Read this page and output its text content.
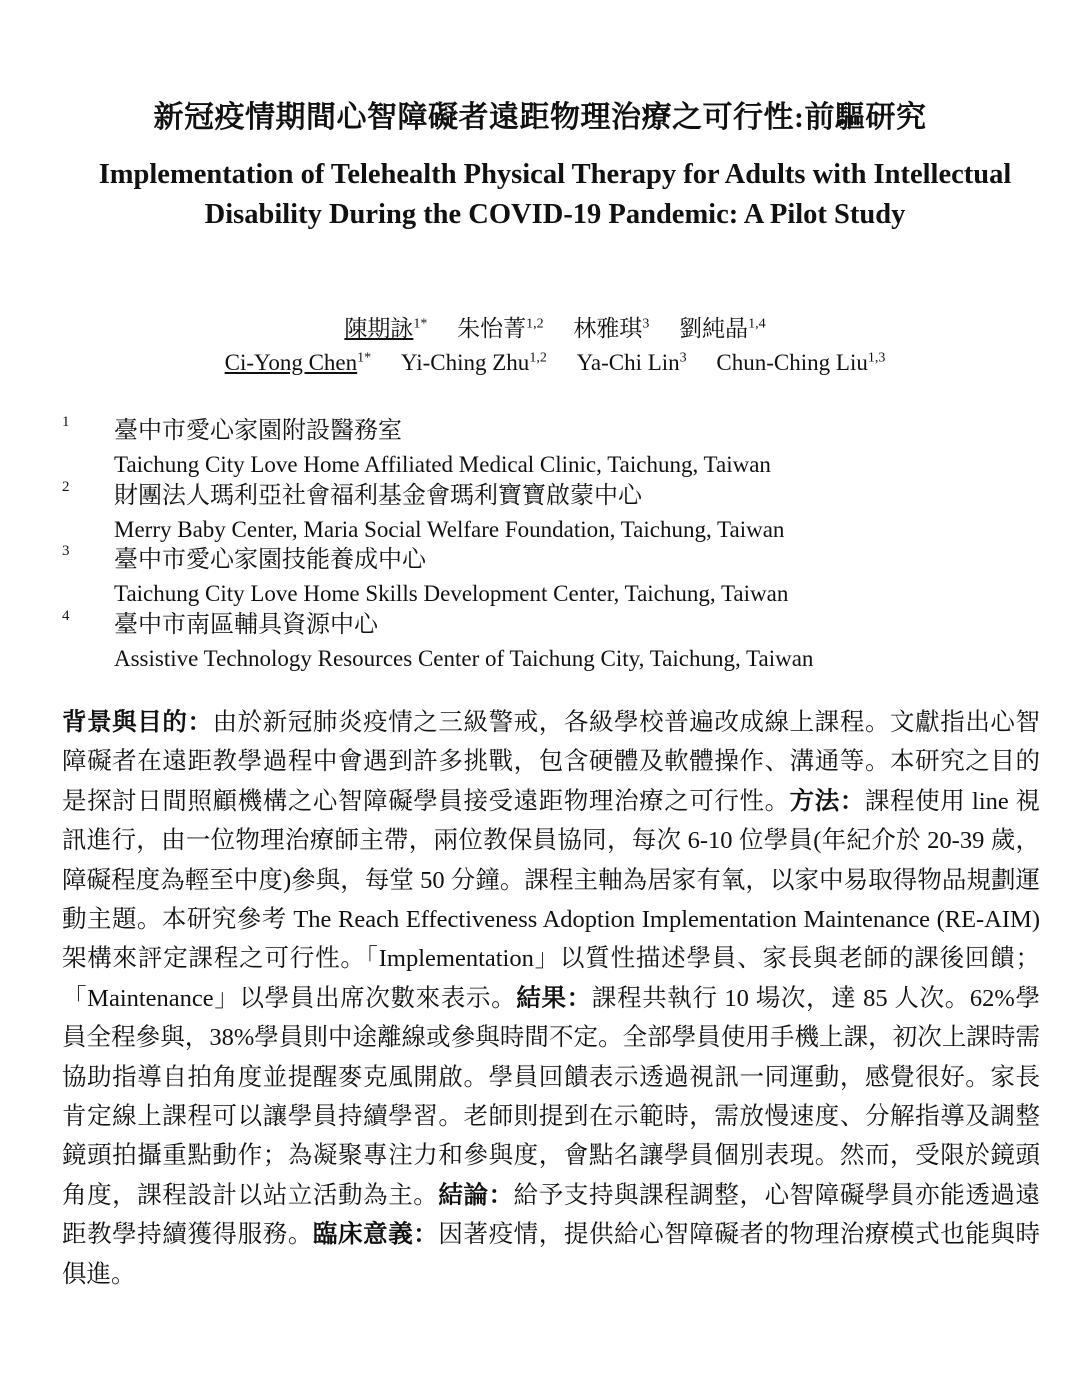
新冠疫情期間心智障礙者遠距物理治療之可行性:前驅研究
Implementation of Telehealth Physical Therapy for Adults with Intellectual
Disability During the COVID-19 Pandemic: A Pilot Study
陳期詠$^{1*}$ 朱怡菁$^{1,2}$ 林雅琪$^3$ 劉純晶$^{1,4}$
Ci-Yong Chen$^{1*}$ Yi-Ching Zhu$^{1,2}$ Ya-Chi Lin$^3$ Chun-Ching Liu$^{1,3}$
1 臺中市愛心家園附設醫務室
Taichung City Love Home Affiliated Medical Clinic, Taichung, Taiwan
2 財團法人瑪利亞社會福利基金會瑪利寶寶啟蒙中心
Merry Baby Center, Maria Social Welfare Foundation, Taichung, Taiwan
3 臺中市愛心家園技能養成中心
Taichung City Love Home Skills Development Center, Taichung, Taiwan
4 臺中市南區輔具資源中心
Assistive Technology Resources Center of Taichung City, Taichung, Taiwan
背景與目的：由於新冠肺炎疫情之三級警戒，各級學校普遍改成線上課程。文獻指出心智障礙者在遠距教學過程中會遇到許多挑戰，包含硬體及軟體操作、溝通等。本研究之目的是探討日間照顧機構之心智障礙學員接受遠距物理治療之可行性。方法：課程使用 line 視訊進行，由一位物理治療師主帶，兩位教保員協同，每次 6-10 位學員(年紀介於 20-39 歲，障礙程度為輕至中度)參與，每堂 50 分鐘。課程主軸為居家有氧，以家中易取得物品規劃運動主題。本研究參考 The Reach Effectiveness Adoption Implementation Maintenance (RE-AIM) 架構來評定課程之可行性。「Implementation」以質性描述學員、家長與老師的課後回饋；「Maintenance」以學員出席次數來表示。結果：課程共執行 10 場次，達 85 人次。62%學員全程參與，38%學員則中途離線或參與時間不定。全部學員使用手機上課，初次上課時需協助指導自拍角度並提醒麥克風開啟。學員回饋表示透過視訊一同運動，感覺很好。家長肯定線上課程可以讓學員持續學習。老師則提到在示範時，需放慢速度、分解指導及調整鏡頭拍攝重點動作；為凝聚專注力和參與度，會點名讓學員個別表現。然而，受限於鏡頭角度，課程設計以站立活動為主。結論：給予支持與課程調整，心智障礙學員亦能透過遠距教學持續獲得服務。臨床意義：因著疫情，提供給心智障礙者的物理治療模式也能與時俱進。
